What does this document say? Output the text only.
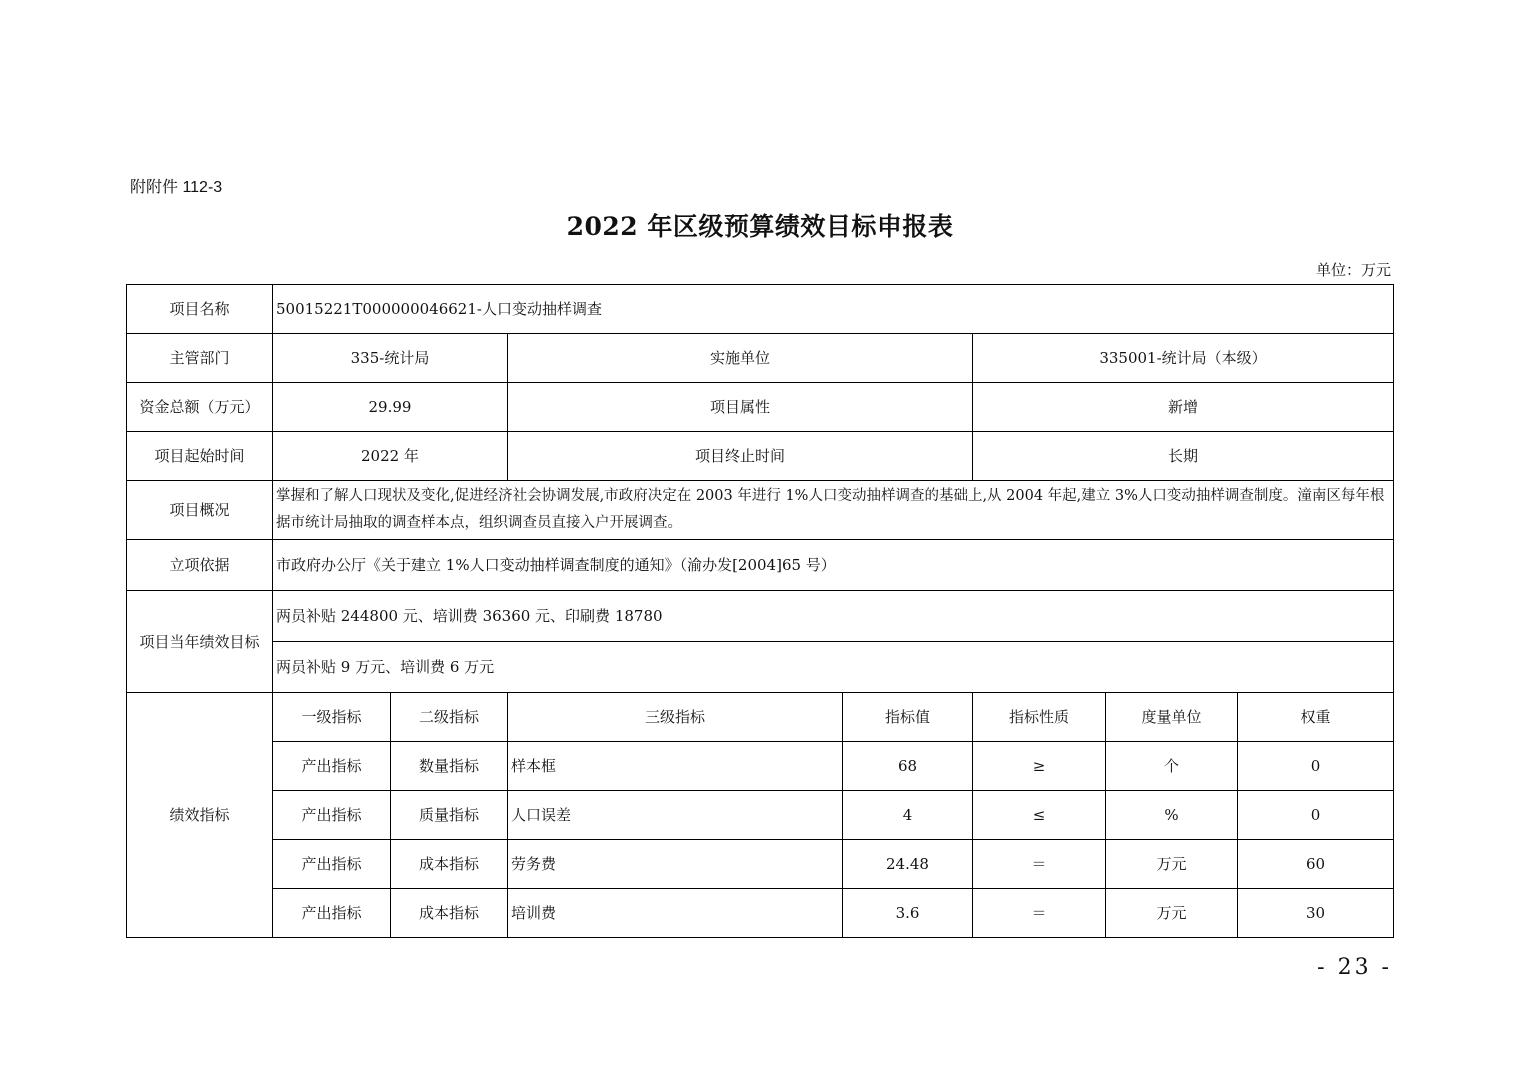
附附件 112-3
2022 年区级预算绩效目标申报表
单位：万元
项目名称	50015221T000000046621-人口变动抽样调查						
主管部门	335-统计局		实施单位		335001-统计局（本级）		
资金总额（万元）	29.99		项目属性		新增		
项目起始时间	2022 年		项目终止时间		长期		
项目概况	掌握和了解人口现状及变化,促进经济社会协调发展,市政府决定在 2003 年进行 1%人口变动抽样调查的基础上,从 2004 年起,建立 3%人口变动抽样调查制度。潼南区每年根据市统计局抽取的调查样本点，组织调查员直接入户开展调查。						
立项依据	市政府办公厅《关于建立 1%人口变动抽样调查制度的通知》（渝办发[2004]65 号）						
项目当年绩效目标	两员补贴 244800 元、培训费 36360 元、印刷费 18780						
	两员补贴 9 万元、培训费 6 万元						
绩效指标	一级指标	二级指标	三级指标	指标值	指标性质	度量单位	权重
	产出指标	数量指标	样本框	68	≥	个	0
	产出指标	质量指标	人口误差	4	≤	%	0
	产出指标	成本指标	劳务费	24.48	＝	万元	60
	产出指标	成本指标	培训费	3.6	＝	万元	30
- 23 -
